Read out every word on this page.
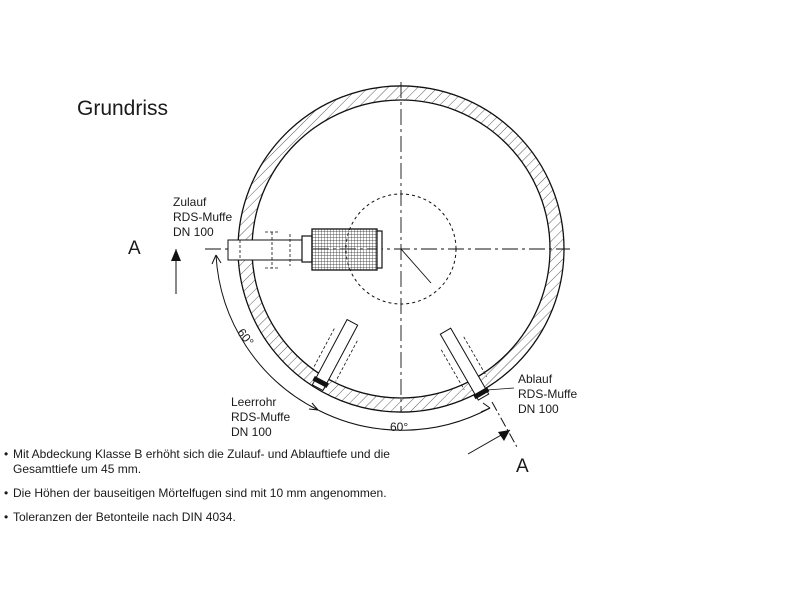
Grundriss
60°
60°
A
A
Zulauf
RDS-Muffe
DN 100
Leerrohr
RDS-Muffe
DN 100
Ablauf
RDS-Muffe
DN 100
• Mit Abdeckung Klasse B erhöht sich die Zulauf- und Ablauftiefe und die Gesamttiefe um 45 mm.
• Die Höhen der bauseitigen Mörtelfugen sind mit 10 mm angenommen.
• Toleranzen der Betonteile nach DIN 4034.
